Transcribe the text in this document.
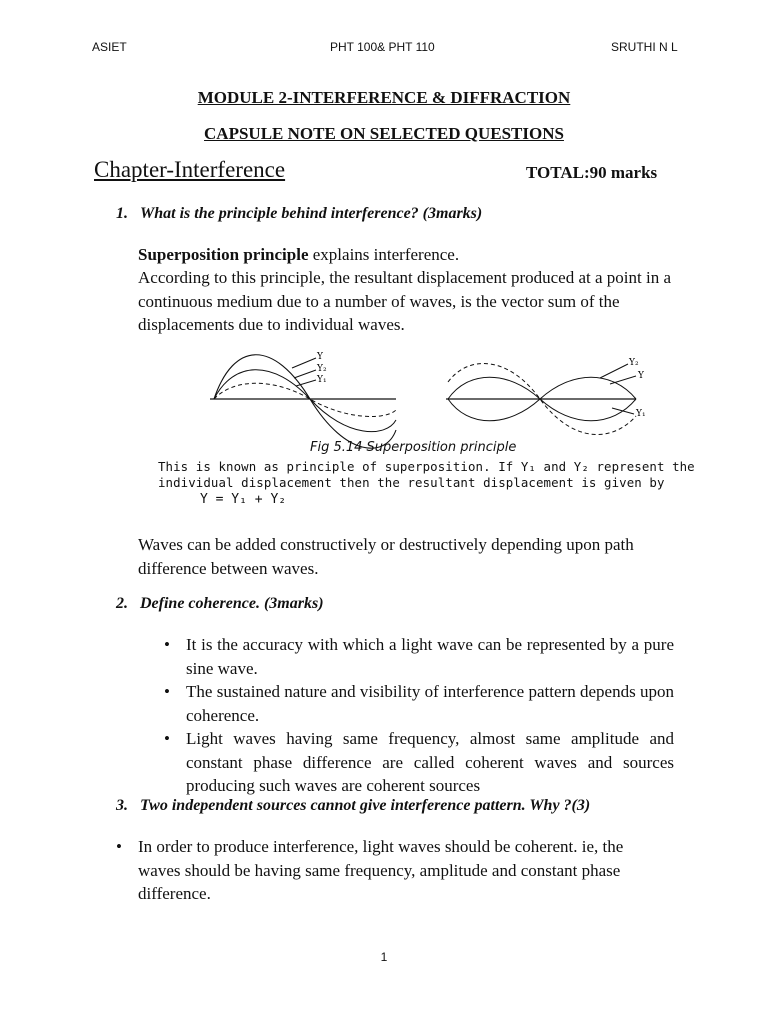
ASIET	PHT 100& PHT 110	SRUTHI N L
MODULE 2-INTERFERENCE & DIFFRACTION
CAPSULE NOTE ON SELECTED QUESTIONS
Chapter-Interference	TOTAL:90 marks
1. What is the principle behind interference? (3marks)
Superposition principle explains interference.
According to this principle, the resultant displacement produced at a point in a continuous medium due to a number of waves, is the vector sum of the displacements due to individual waves.
Y
Y₂
Y₁
Y₂
Y
Y₁
Fig 5.14 Superposition principle
This is known as principle of superposition. If Y₁ and Y₂ represent the individual displacement then the resultant displacement is given by
Y = Y₁ + Y₂
Waves can be added constructively or destructively depending upon path difference between waves.
2. Define coherence. (3marks)
• It is the accuracy with which a light wave can be represented by a pure sine wave.
• The sustained nature and visibility of interference pattern depends upon coherence.
• Light waves having same frequency, almost same amplitude and constant phase difference are called coherent waves and sources producing such waves are coherent sources
3. Two independent sources cannot give interference pattern. Why ?(3)
• In order to produce interference, light waves should be coherent. ie, the waves should be having same frequency, amplitude and constant phase difference.
1
